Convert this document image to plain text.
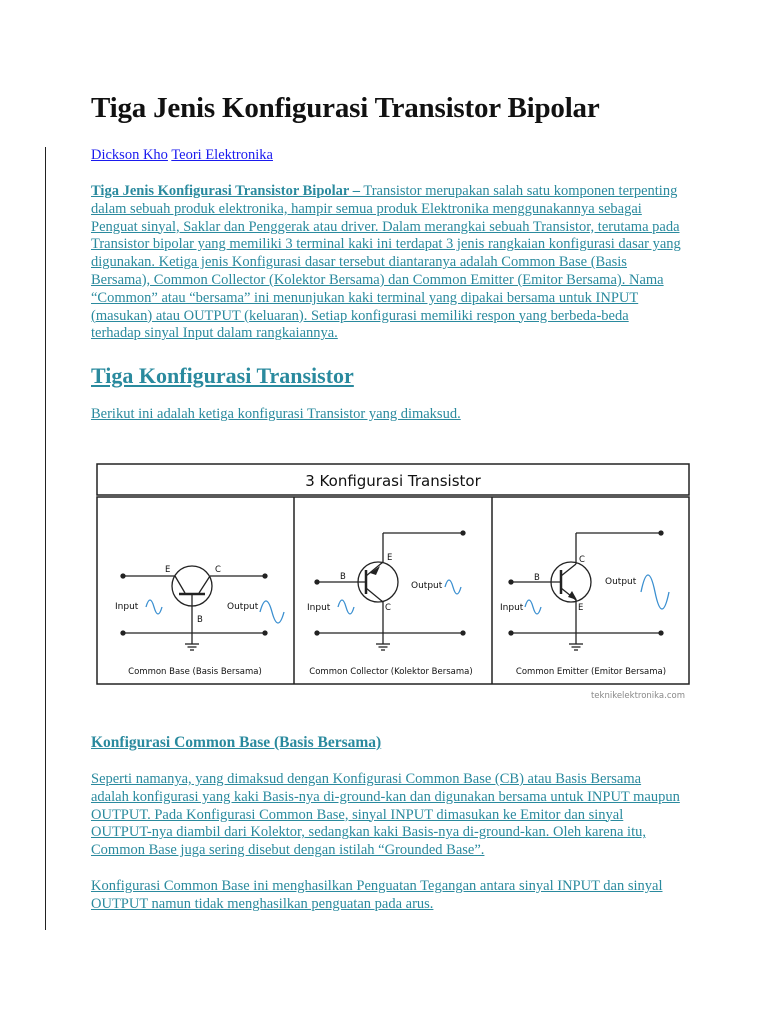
Tiga Jenis Konfigurasi Transistor Bipolar
Dickson Kho Teori Elektronika
Tiga Jenis Konfigurasi Transistor Bipolar – Transistor merupakan salah satu komponen terpenting dalam sebuah produk elektronika, hampir semua produk Elektronika menggunakannya sebagai Penguat sinyal, Saklar dan Penggerak atau driver. Dalam merangkai sebuah Transistor, terutama pada Transistor bipolar yang memiliki 3 terminal kaki ini terdapat 3 jenis rangkaian konfigurasi dasar yang digunakan. Ketiga jenis Konfigurasi dasar tersebut diantaranya adalah Common Base (Basis Bersama), Common Collector (Kolektor Bersama) dan Common Emitter (Emitor Bersama). Nama “Common” atau “bersama” ini menunjukan kaki terminal yang dipakai bersama untuk INPUT (masukan) atau OUTPUT (keluaran). Setiap konfigurasi memiliki respon yang berbeda-beda terhadap sinyal Input dalam rangkaiannya.
Tiga Konfigurasi Transistor
Berikut ini adalah ketiga konfigurasi Transistor yang dimaksud.
3 Konfigurasi Transistor
E	C
B
Input	Output
Common Base (Basis Bersama)
E
B
C
Input
Output
Common Collector (Kolektor Bersama)
C
B
E
Input
Output
Common Emitter (Emitor Bersama)
teknikelektronika.com
Konfigurasi Common Base (Basis Bersama)
Seperti namanya, yang dimaksud dengan Konfigurasi Common Base (CB) atau Basis Bersama adalah konfigurasi yang kaki Basis-nya di-ground-kan dan digunakan bersama untuk INPUT maupun OUTPUT. Pada Konfigurasi Common Base, sinyal INPUT dimasukan ke Emitor dan sinyal OUTPUT-nya diambil dari Kolektor, sedangkan kaki Basis-nya di-ground-kan. Oleh karena itu, Common Base juga sering disebut dengan istilah “Grounded Base”.
Konfigurasi Common Base ini menghasilkan Penguatan Tegangan antara sinyal INPUT dan sinyal OUTPUT namun tidak menghasilkan penguatan pada arus.
